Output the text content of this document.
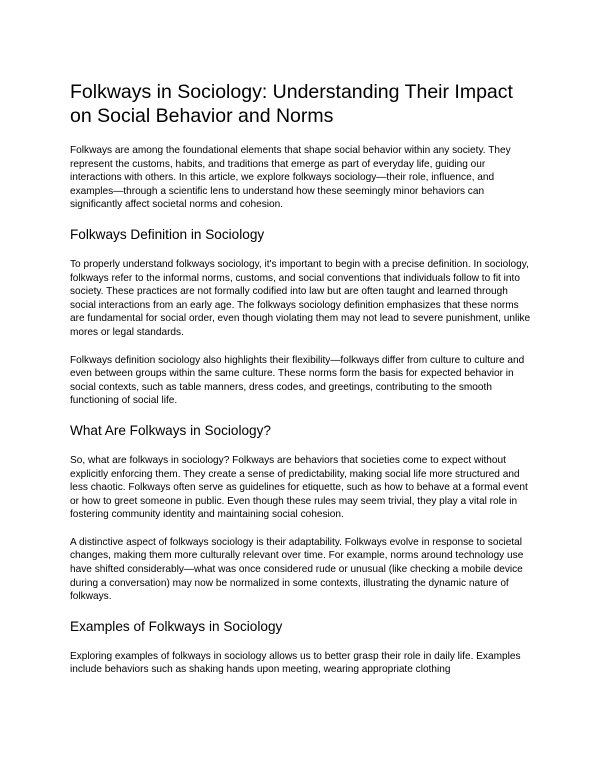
Folkways in Sociology: Understanding Their Impact on Social Behavior and Norms

Folkways are among the foundational elements that shape social behavior within any society. They represent the customs, habits, and traditions that emerge as part of everyday life, guiding our interactions with others. In this article, we explore folkways sociology—their role, influence, and examples—through a scientific lens to understand how these seemingly minor behaviors can significantly affect societal norms and cohesion.

Folkways Definition in Sociology

To properly understand folkways sociology, it's important to begin with a precise definition. In sociology, folkways refer to the informal norms, customs, and social conventions that individuals follow to fit into society. These practices are not formally codified into law but are often taught and learned through social interactions from an early age. The folkways sociology definition emphasizes that these norms are fundamental for social order, even though violating them may not lead to severe punishment, unlike mores or legal standards.

Folkways definition sociology also highlights their flexibility—folkways differ from culture to culture and even between groups within the same culture. These norms form the basis for expected behavior in social contexts, such as table manners, dress codes, and greetings, contributing to the smooth functioning of social life.

What Are Folkways in Sociology?

So, what are folkways in sociology? Folkways are behaviors that societies come to expect without explicitly enforcing them. They create a sense of predictability, making social life more structured and less chaotic. Folkways often serve as guidelines for etiquette, such as how to behave at a formal event or how to greet someone in public. Even though these rules may seem trivial, they play a vital role in fostering community identity and maintaining social cohesion.

A distinctive aspect of folkways sociology is their adaptability. Folkways evolve in response to societal changes, making them more culturally relevant over time. For example, norms around technology use have shifted considerably—what was once considered rude or unusual (like checking a mobile device during a conversation) may now be normalized in some contexts, illustrating the dynamic nature of folkways.

Examples of Folkways in Sociology

Exploring examples of folkways in sociology allows us to better grasp their role in daily life. Examples include behaviors such as shaking hands upon meeting, wearing appropriate clothing
